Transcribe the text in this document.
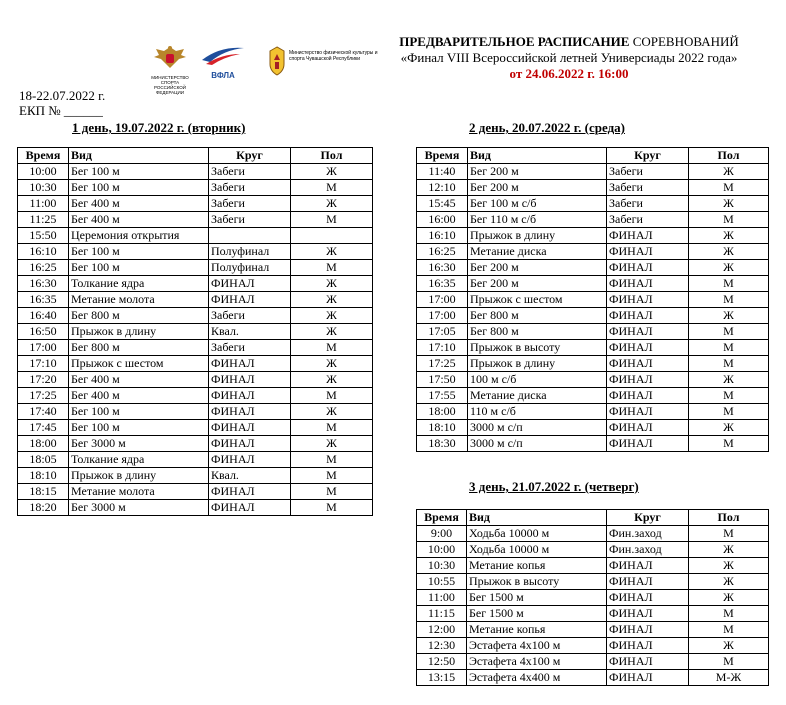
МИНИСТЕРСТВО СПОРТА РОССИЙСКОЙ ФЕДЕРАЦИИ
ВФЛА
Министерство физической культуры и спорта Чувашской Республики
ПРЕДВАРИТЕЛЬНОЕ РАСПИСАНИЕ СОРЕВНОВАНИЙ
«Финал VIII Всероссийской летней Универсиады 2022 года»
от 24.06.2022 г. 16:00
18-22.07.2022 г.
ЕКП № ______
1 день, 19.07.2022 г. (вторник)	2 день, 20.07.2022 г. (среда)
3 день, 21.07.2022 г. (четверг)
Время	Вид	Круг	Пол
10:00	Бег 100 м	Забеги	Ж
10:30	Бег 100 м	Забеги	М
11:00	Бег 400 м	Забеги	Ж
11:25	Бег 400 м	Забеги	М
15:50	Церемония открытия		
16:10	Бег 100 м	Полуфинал	Ж
16:25	Бег 100 м	Полуфинал	М
16:30	Толкание ядра	ФИНАЛ	Ж
16:35	Метание молота	ФИНАЛ	Ж
16:40	Бег 800 м	Забеги	Ж
16:50	Прыжок в длину	Квал.	Ж
17:00	Бег 800 м	Забеги	М
17:10	Прыжок с шестом	ФИНАЛ	Ж
17:20	Бег 400 м	ФИНАЛ	Ж
17:25	Бег 400 м	ФИНАЛ	М
17:40	Бег 100 м	ФИНАЛ	Ж
17:45	Бег 100 м	ФИНАЛ	М
18:00	Бег 3000 м	ФИНАЛ	Ж
18:05	Толкание ядра	ФИНАЛ	М
18:10	Прыжок в длину	Квал.	М
18:15	Метание молота	ФИНАЛ	М
18:20	Бег 3000 м	ФИНАЛ	М
Время	Вид	Круг	Пол
11:40	Бег 200 м	Забеги	Ж
12:10	Бег 200 м	Забеги	М
15:45	Бег 100 м с/б	Забеги	Ж
16:00	Бег 110 м с/б	Забеги	М
16:10	Прыжок в длину	ФИНАЛ	Ж
16:25	Метание диска	ФИНАЛ	Ж
16:30	Бег 200 м	ФИНАЛ	Ж
16:35	Бег 200 м	ФИНАЛ	М
17:00	Прыжок с шестом	ФИНАЛ	М
17:00	Бег 800 м	ФИНАЛ	Ж
17:05	Бег 800 м	ФИНАЛ	М
17:10	Прыжок в высоту	ФИНАЛ	М
17:25	Прыжок в длину	ФИНАЛ	М
17:50	100 м с/б	ФИНАЛ	Ж
17:55	Метание диска	ФИНАЛ	М
18:00	110 м с/б	ФИНАЛ	М
18:10	3000 м с/п	ФИНАЛ	Ж
18:30	3000 м с/п	ФИНАЛ	М
Время	Вид	Круг	Пол
9:00	Ходьба 10000 м	Фин.заход	М
10:00	Ходьба 10000 м	Фин.заход	Ж
10:30	Метание копья	ФИНАЛ	Ж
10:55	Прыжок в высоту	ФИНАЛ	Ж
11:00	Бег 1500 м	ФИНАЛ	Ж
11:15	Бег 1500 м	ФИНАЛ	М
12:00	Метание копья	ФИНАЛ	М
12:30	Эстафета 4х100 м	ФИНАЛ	Ж
12:50	Эстафета 4х100 м	ФИНАЛ	М
13:15	Эстафета 4х400 м	ФИНАЛ	М-Ж
